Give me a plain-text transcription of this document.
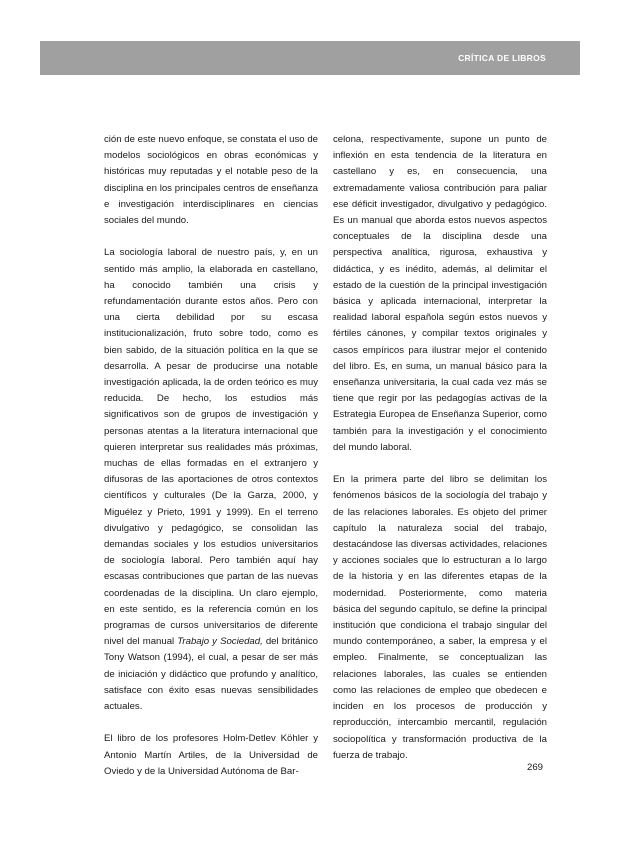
CRÍTICA DE LIBROS

ción de este nuevo enfoque, se constata el uso de modelos sociológicos en obras económicas y históricas muy reputadas y el notable peso de la disciplina en los principales centros de enseñanza e investigación interdisciplinares en ciencias sociales del mundo.

La sociología laboral de nuestro país, y, en un sentido más amplio, la elaborada en castellano, ha conocido también una crisis y refundamentación durante estos años. Pero con una cierta debilidad por su escasa institucionalización, fruto sobre todo, como es bien sabido, de la situación política en la que se desarrolla. A pesar de producirse una notable investigación aplicada, la de orden teórico es muy reducida. De hecho, los estudios más significativos son de grupos de investigación y personas atentas a la literatura internacional que quieren interpretar sus realidades más próximas, muchas de ellas formadas en el extranjero y difusoras de las aportaciones de otros contextos científicos y culturales (De la Garza, 2000, y Miguélez y Prieto, 1991 y 1999). En el terreno divulgativo y pedagógico, se consolidan las demandas sociales y los estudios universitarios de sociología laboral. Pero también aquí hay escasas contribuciones que partan de las nuevas coordenadas de la disciplina. Un claro ejemplo, en este sentido, es la referencia común en los programas de cursos universitarios de diferente nivel del manual Trabajo y Sociedad, del británico Tony Watson (1994), el cual, a pesar de ser más de iniciación y didáctico que profundo y analítico, satisface con éxito esas nuevas sensibilidades actuales.

El libro de los profesores Holm-Detlev Köhler y Antonio Martín Artiles, de la Universidad de Oviedo y de la Universidad Autónoma de Bar-

celona, respectivamente, supone un punto de inflexión en esta tendencia de la literatura en castellano y es, en consecuencia, una extremadamente valiosa contribución para paliar ese déficit investigador, divulgativo y pedagógico. Es un manual que aborda estos nuevos aspectos conceptuales de la disciplina desde una perspectiva analítica, rigurosa, exhaustiva y didáctica, y es inédito, además, al delimitar el estado de la cuestión de la principal investigación básica y aplicada internacional, interpretar la realidad laboral española según estos nuevos y fértiles cánones, y compilar textos originales y casos empíricos para ilustrar mejor el contenido del libro. Es, en suma, un manual básico para la enseñanza universitaria, la cual cada vez más se tiene que regir por las pedagogías activas de la Estrategia Europea de Enseñanza Superior, como también para la investigación y el conocimiento del mundo laboral.

En la primera parte del libro se delimitan los fenómenos básicos de la sociología del trabajo y de las relaciones laborales. Es objeto del primer capítulo la naturaleza social del trabajo, destacándose las diversas actividades, relaciones y acciones sociales que lo estructuran a lo largo de la historia y en las diferentes etapas de la modernidad. Posteriormente, como materia básica del segundo capítulo, se define la principal institución que condiciona el trabajo singular del mundo contemporáneo, a saber, la empresa y el empleo. Finalmente, se conceptualizan las relaciones laborales, las cuales se entienden como las relaciones de empleo que obedecen e inciden en los procesos de producción y reproducción, intercambio mercantil, regulación sociopolítica y transformación productiva de la fuerza de trabajo.

269
